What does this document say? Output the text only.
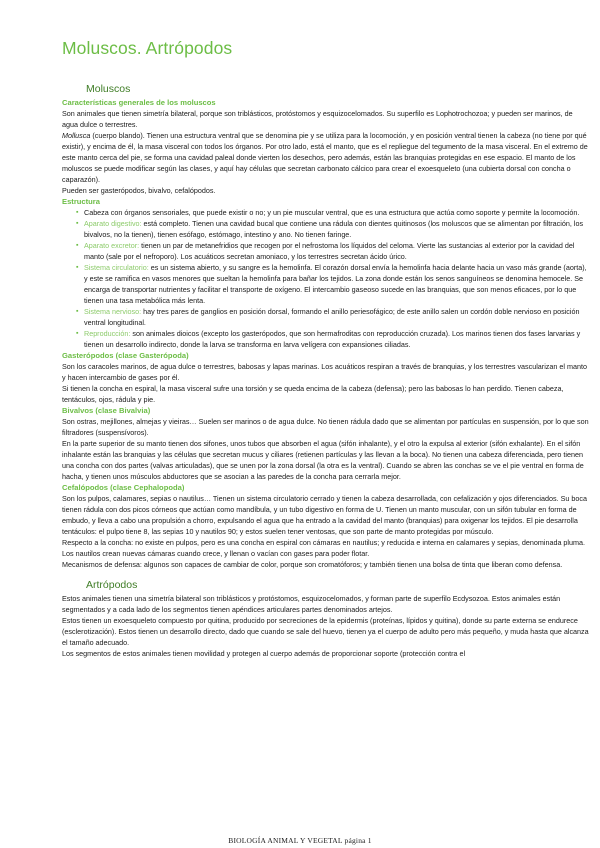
Moluscos. Artrópodos
Moluscos
Características generales de los moluscos

Son animales que tienen simetría bilateral, porque son triblásticos, protóstomos y esquizocelomados. Su superfilo es Lophotrochozoa; y pueden ser marinos, de agua dulce o terrestres.

Mollusca (cuerpo blando). Tienen una estructura ventral que se denomina pie y se utiliza para la locomoción, y en posición ventral tienen la cabeza (no tiene por qué existir), y encima de él, la masa visceral con todos los órganos. Por otro lado, está el manto, que es el repliegue del tegumento de la masa visceral. En el extremo de este manto cerca del pie, se forma una cavidad paleal donde vierten los desechos, pero además, están las branquias protegidas en ese espacio. El manto de los moluscos se puede modificar según las clases, y aquí hay células que secretan carbonato cálcico para crear el exoesqueleto (una cubierta dorsal con concha o caparazón).

Pueden ser gasterópodos, bivalvo, cefalópodos.

Estructura
▪ Cabeza con órganos sensoriales, que puede existir o no; y un pie muscular ventral, que es una estructura que actúa como soporte y permite la locomoción.
▪ Aparato digestivo: está completo. Tienen una cavidad bucal que contiene una rádula con dientes quitinosos (los moluscos que se alimentan por filtración, los bivalvos, no la tienen), tienen esófago, estómago, intestino y ano. No tienen faringe.
▪ Aparato excretor: tienen un par de metanefridios que recogen por el nefrostoma los líquidos del celoma. Vierte las sustancias al exterior por la cavidad del manto (sale por el nefroporo). Los acuáticos secretan amoniaco, y los terrestres secretan ácido úrico.
▪ Sistema circulatorio: es un sistema abierto, y su sangre es la hemolinfa. El corazón dorsal envía la hemolinfa hacia delante hacia un vaso más grande (aorta), y este se ramifica en vasos menores que sueltan la hemolinfa para bañar los tejidos. La zona donde están los senos sanguíneos se denomina hemocele. Se encarga de transportar nutrientes y facilitar el transporte de oxígeno. El intercambio gaseoso sucede en las branquias, que son menos eficaces, por lo que tienen una tasa metabólica más lenta.
▪ Sistema nervioso: hay tres pares de ganglios en posición dorsal, formando el anillo periesofágico; de este anillo salen un cordón doble nervioso en posición ventral longitudinal.
▪ Reproducción: son animales dioicos (excepto los gasterópodos, que son hermafroditas con reproducción cruzada). Los marinos tienen dos fases larvarias y tienen un desarrollo indirecto, donde la larva se transforma en larva velígera con expansiones ciliadas.
Gasterópodos (clase Gasterópoda)

Son los caracoles marinos, de agua dulce o terrestres, babosas y lapas marinas. Los acuáticos respiran a través de branquias, y los terrestres vascularizan el manto y hacen intercambio de gases por él.

Si tienen la concha en espiral, la masa visceral sufre una torsión y se queda encima de la cabeza (defensa); pero las babosas lo han perdido. Tienen cabeza, tentáculos, ojos, rádula y pie.

Bivalvos (clase Bivalvia)

Son ostras, mejillones, almejas y vieiras… Suelen ser marinos o de agua dulce. No tienen rádula dado que se alimentan por partículas en suspensión, por lo que son filtradores (suspensívoros).

En la parte superior de su manto tienen dos sifones, unos tubos que absorben el agua (sifón inhalante), y el otro la expulsa al exterior (sifón exhalante). En el sifón inhalante están las branquias y las células que secretan mucus y ciliares (retienen partículas y las llevan a la boca). No tienen una cabeza diferenciada, pero tienen una concha con dos partes (valvas articuladas), que se unen por la zona dorsal (la otra es la ventral). Cuando se abren las conchas se ve el pie ventral en forma de hacha, y tienen unos músculos abductores que se asocian a las paredes de la concha para cerrarla mejor.

Cefalópodos (clase Cephalopoda)

Son los pulpos, calamares, sepias o nautilus… Tienen un sistema circulatorio cerrado y tienen la cabeza desarrollada, con cefalización y ojos diferenciados. Su boca tienen rádula con dos picos córneos que actúan como mandíbula, y un tubo digestivo en forma de U. Tienen un manto muscular, con un sifón tubular en forma de embudo, y lleva a cabo una propulsión a chorro, expulsando el agua que ha entrado a la cavidad del manto (branquias) para oxigenar los tejidos. El pie desarrolla tentáculos: el pulpo tiene 8, las sepias 10 y nautilos 90; y estos suelen tener ventosas, que son parte de manto protegidas por músculo.

Respecto a la concha: no existe en pulpos, pero es una concha en espiral con cámaras en nautilus; y reducida e interna en calamares y sepias, denominada pluma. Los nautilos crean nuevas cámaras cuando crece, y llenan o vacían con gases para poder flotar.

Mecanismos de defensa: algunos son capaces de cambiar de color, porque son cromatóforos; y también tienen una bolsa de tinta que liberan como defensa.

Artrópodos

Estos animales tienen una simetría bilateral son triblásticos y protóstomos, esquizocelomados, y forman parte de superfilo Ecdysozoa. Estos animales están segmentados y a cada lado de los segmentos tienen apéndices articulares partes denominados artejos.

Estos tienen un exoesqueleto compuesto por quitina, producido por secreciones de la epidermis (proteínas, lípidos y quitina), donde su parte externa se endurece (esclerotización). Estos tienen un desarrollo directo, dado que cuando se sale del huevo, tienen ya el cuerpo de adulto pero más pequeño, y muda hasta que alcanza el tamaño adecuado.

Los segmentos de estos animales tienen movilidad y protegen al cuerpo además de proporcionar soporte (protección contra el

BIOLOGÍA ANIMAL Y VEGETAL página 1
